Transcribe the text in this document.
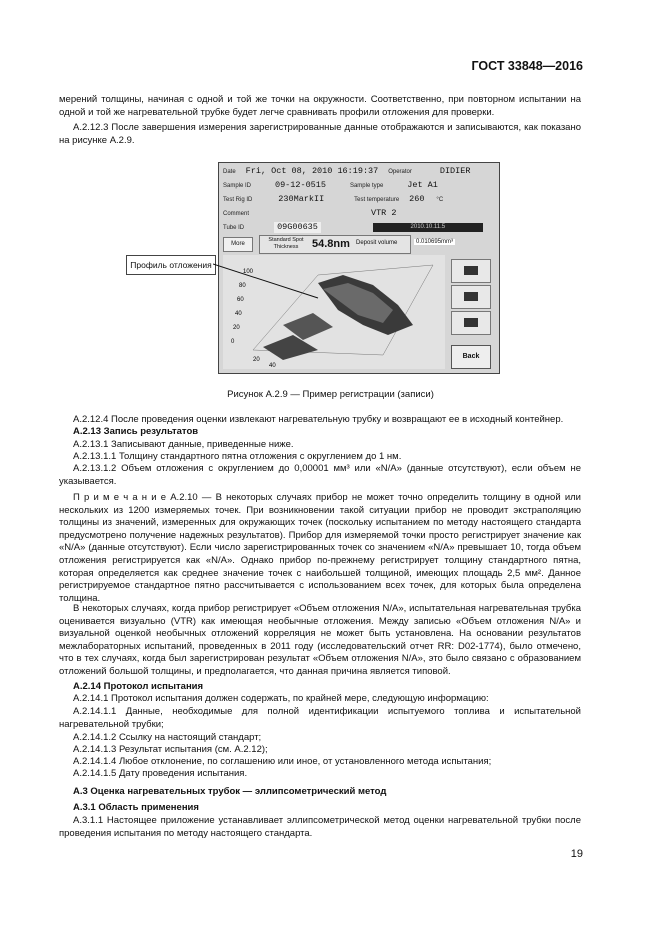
ГОСТ 33848—2016
мерений толщины, начиная с одной и той же точки на окружности. Соответственно, при повторном испытании на одной и той же нагревательной трубке будет легче сравнивать профили отложения для проверки.
A.2.12.3 После завершения измерения зарегистрированные данные отображаются и записываются, как показано на рисунке A.2.9.
Date Fri, Oct 08, 2010 16:19:37 Operator	DIDIER
Sample ID	09-12-0515	Sample type	Jet A1
Test Rig ID	230MarkII	Test temperature 260 °C
Comment	VTR 2
Tube ID	09G00635	2010.10.11.5
More
Standard Spot Thickness	54.8nm Deposit volume	0.010695mm³
100
80
60
40
20
0
20
40
Back
Профиль отложения
Рисунок А.2.9 — Пример регистрации (записи)
A.2.12.4 После проведения оценки извлекают нагревательную трубку и возвращают ее в исходный контейнер.
A.2.13 Запись результатов
A.2.13.1 Записывают данные, приведенные ниже.
A.2.13.1.1 Толщину стандартного пятна отложения с округлением до 1 нм.
A.2.13.1.2 Объем отложения с округлением до 0,00001 мм³ или «N/A» (данные отсутствуют), если объем не указывается.
П р и м е ч а н и е A.2.10 — В некоторых случаях прибор не может точно определить толщину в одной или нескольких из 1200 измеряемых точек. При возникновении такой ситуации прибор не проводит экстраполяцию толщины из значений, измеренных для окружающих точек (поскольку испытанием по методу настоящего стандарта предусмотрено получение надежных результатов). Прибор для измеряемой точки просто регистрирует значение как «N/A» (данные отсутствуют). Если число зарегистрированных точек со значением «N/A» превышает 10, тогда объем отложения регистрируется как «N/A». Однако прибор по-прежнему регистрирует толщину стандартного пятна, которая определяется как среднее значение точек с наибольшей толщиной, имеющих площадь 2,5 мм². Данное регистрируемое стандартное пятно рассчитывается с использованием всех точек, для которых была определена толщина.
В некоторых случаях, когда прибор регистрирует «Объем отложения N/A», испытательная нагревательная трубка оценивается визуально (VTR) как имеющая необычные отложения. Между записью «Объем отложения N/A» и визуальной оценкой необычных отложений корреляция не может быть установлена. На основании результатов межлабораторных испытаний, проведенных в 2011 году (исследовательский отчет RR: D02-1774), было отмечено, что в тех случаях, когда был зарегистрирован результат «Объем отложения N/A», это было связано с образованием отложений большой толщины, и предполагается, что данная причина является типовой.
A.2.14 Протокол испытания
A.2.14.1 Протокол испытания должен содержать, по крайней мере, следующую информацию:
A.2.14.1.1 Данные, необходимые для полной идентификации испытуемого топлива и испытательной нагревательной трубки;
A.2.14.1.2 Ссылку на настоящий стандарт;
A.2.14.1.3 Результат испытания (см. A.2.12);
A.2.14.1.4 Любое отклонение, по соглашению или иное, от установленного метода испытания;
A.2.14.1.5 Дату проведения испытания.
A.3 Оценка нагревательных трубок — эллипсометрический метод
A.3.1 Область применения
A.3.1.1 Настоящее приложение устанавливает эллипсометрической метод оценки нагревательной трубки после проведения испытания по методу настоящего стандарта.
19
